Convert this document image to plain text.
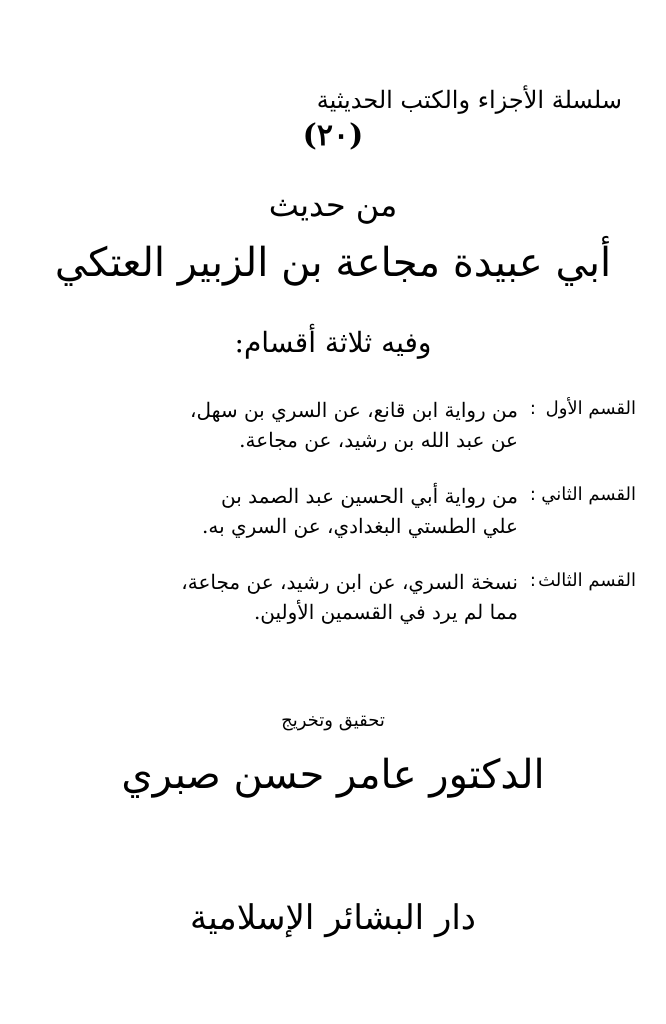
سلسلة الأجزاء والكتب الحديثية
(٢٠)
من حديث
أبي عبيدة مجاعة بن الزبير العتكي
وفيه ثلاثة أقسام:
القسم الأول
:
من رواية ابن قانع، عن السري بن سهل،
عن عبد الله بن رشيد، عن مجاعة.
القسم الثاني
:
من رواية أبي الحسين عبد الصمد بن
علي الطستي البغدادي، عن السري به.
القسم الثالث
:
نسخة السري، عن ابن رشيد، عن مجاعة،
مما لم يرد في القسمين الأولين.
تحقيق وتخريج
الدكتور عامر حسن صبري
دار البشائر الإسلامية
